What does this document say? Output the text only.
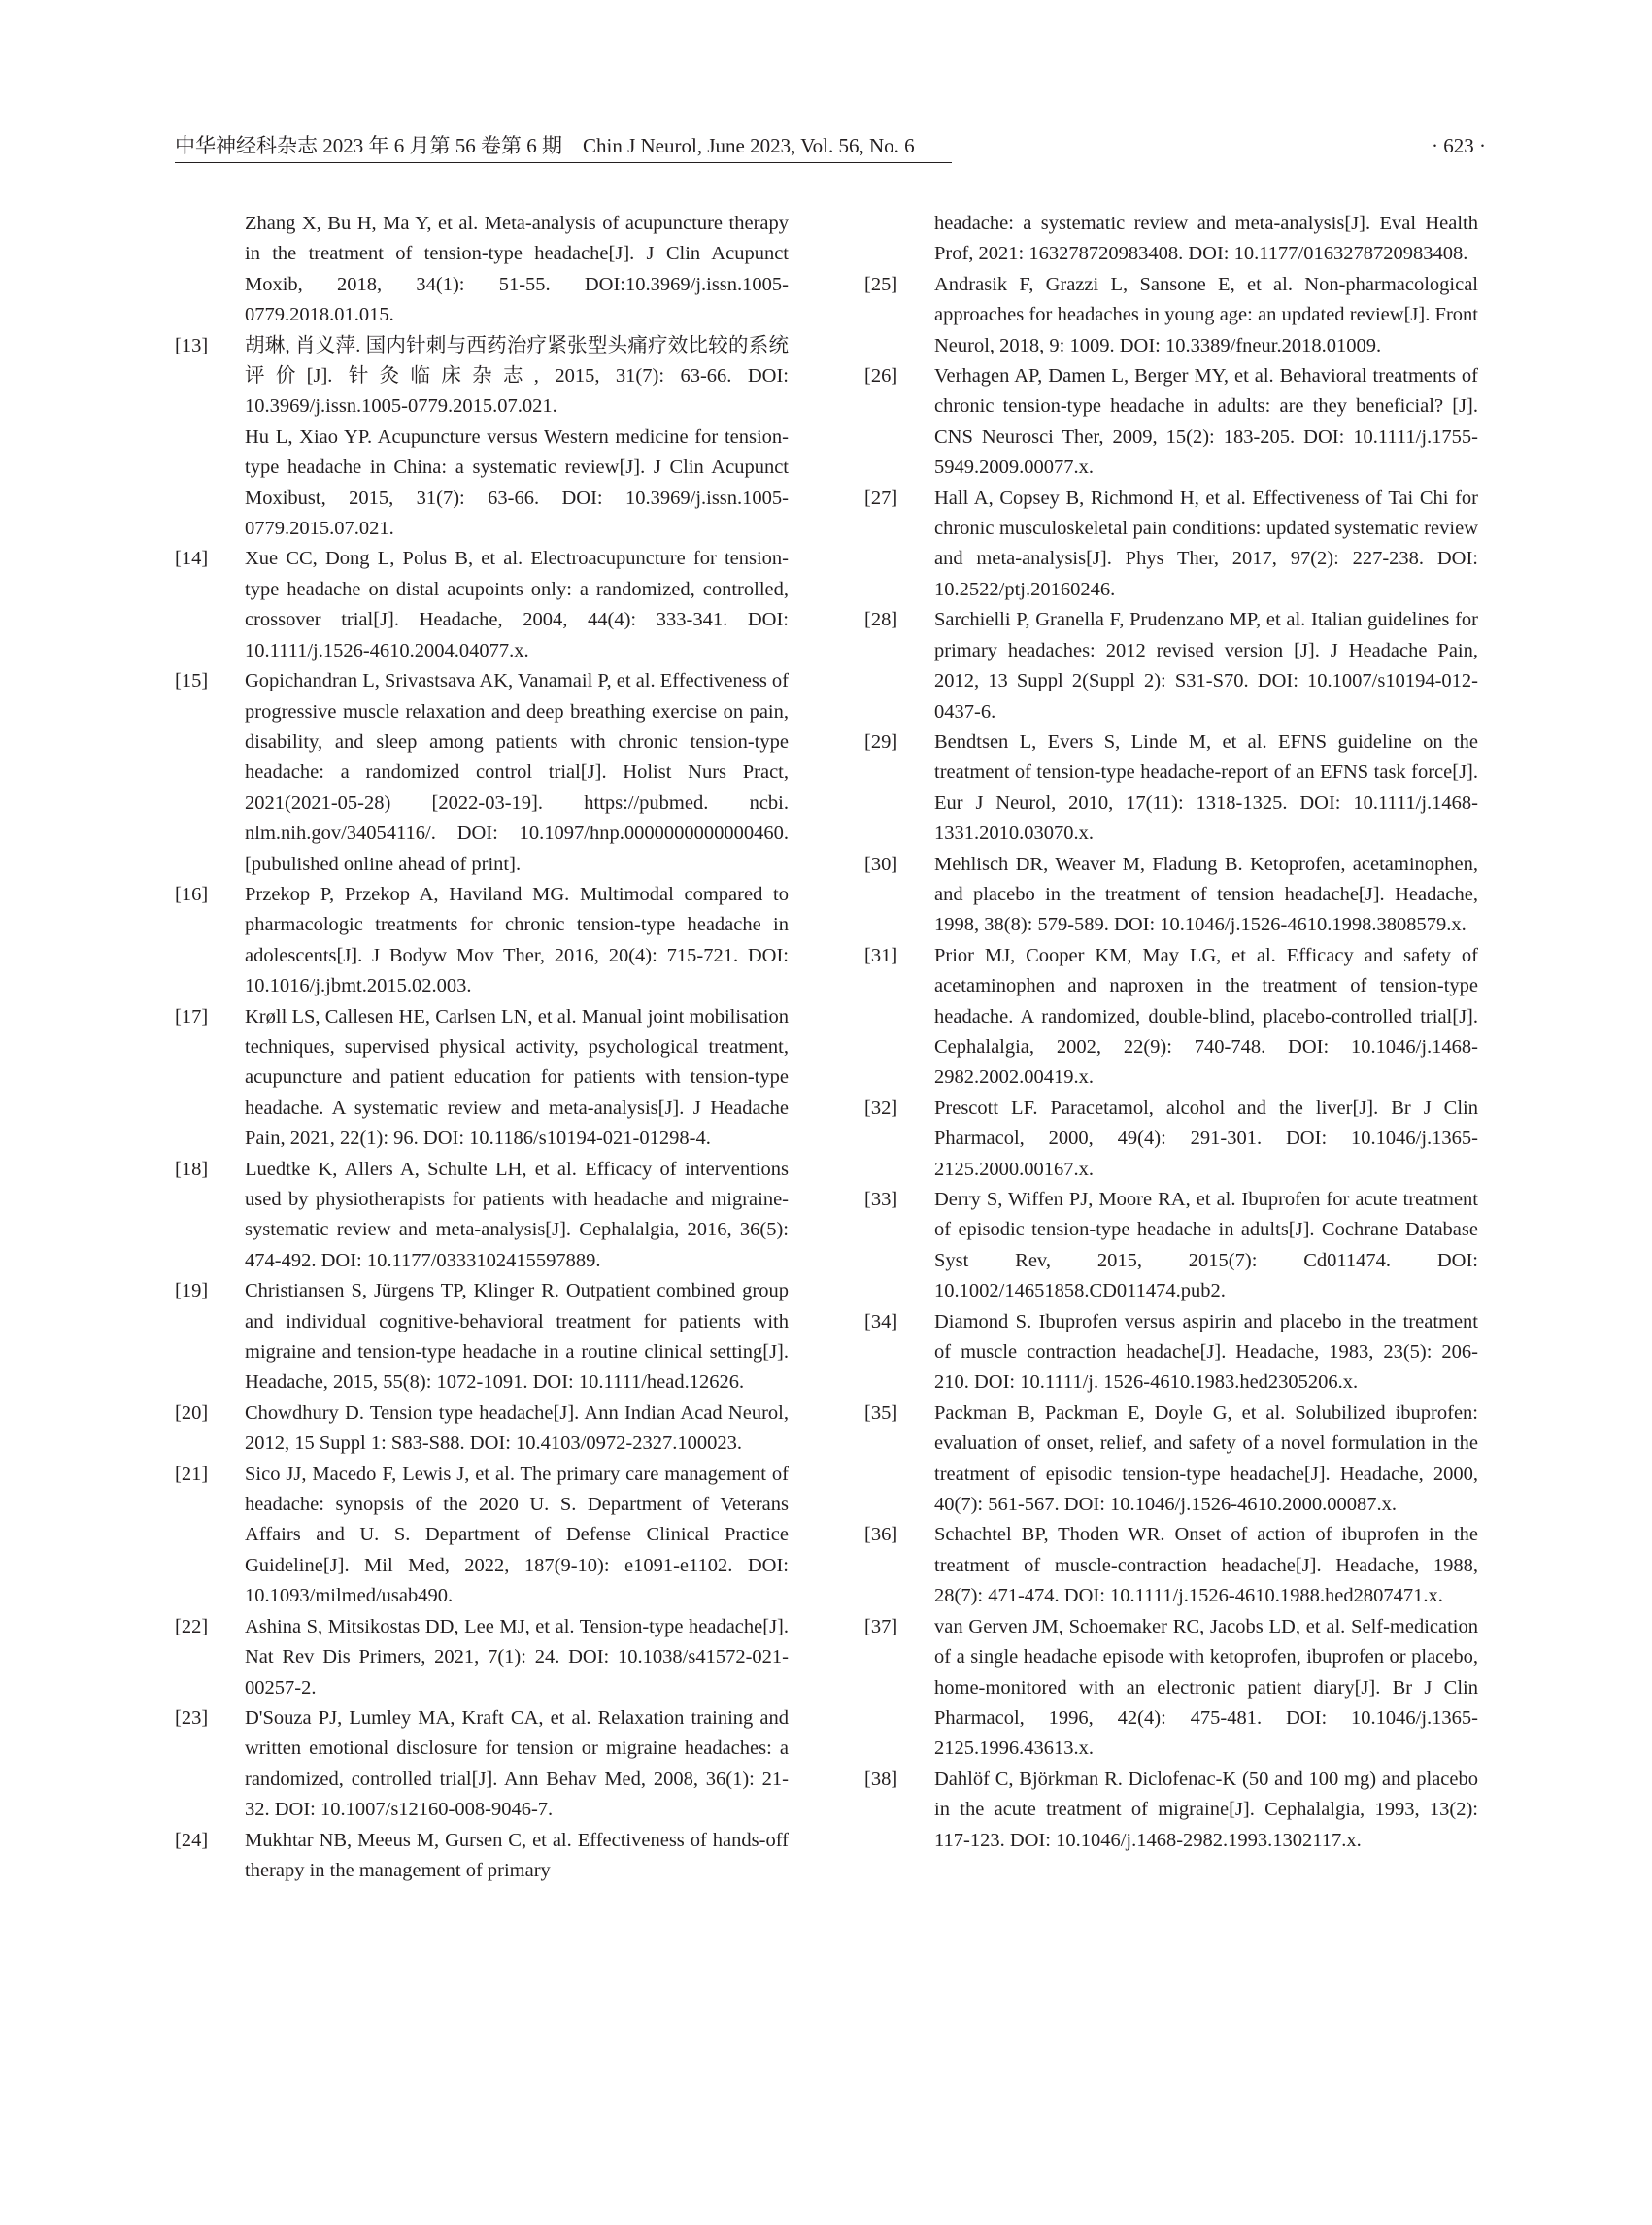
中华神经科杂志 2023 年 6 月第 56 卷第 6 期　Chin J Neurol, June 2023, Vol. 56, No. 6	· 623 ·
Zhang X, Bu H, Ma Y, et al. Meta-analysis of acupuncture therapy in the treatment of tension-type headache[J]. J Clin Acupunct Moxib, 2018, 34(1): 51-55. DOI:10.3969/j.issn.1005-0779.2018.01.015.
[13]	胡琳, 肖义萍. 国内针刺与西药治疗紧张型头痛疗效比较的系统评价[J]. 针灸临床杂志, 2015, 31(7): 63-66. DOI: 10.3969/j.issn.1005-0779.2015.07.021.
Hu L, Xiao YP. Acupuncture versus Western medicine for tension-type headache in China: a systematic review[J]. J Clin Acupunct Moxibust, 2015, 31(7): 63-66. DOI: 10.3969/j.issn.1005-0779.2015.07.021.
[14]	Xue CC, Dong L, Polus B, et al. Electroacupuncture for tension-type headache on distal acupoints only: a randomized, controlled, crossover trial[J]. Headache, 2004, 44(4): 333-341. DOI: 10.1111/j.1526-4610.2004.04077.x.
[15]	Gopichandran L, Srivastsava AK, Vanamail P, et al. Effectiveness of progressive muscle relaxation and deep breathing exercise on pain, disability, and sleep among patients with chronic tension-type headache: a randomized control trial[J]. Holist Nurs Pract, 2021(2021-05-28) [2022-03-19]. https://pubmed. ncbi. nlm.nih.gov/34054116/. DOI: 10.1097/hnp.0000000000000460. [pubulished online ahead of print].
[16]	Przekop P, Przekop A, Haviland MG. Multimodal compared to pharmacologic treatments for chronic tension-type headache in adolescents[J]. J Bodyw Mov Ther, 2016, 20(4): 715-721. DOI: 10.1016/j.jbmt.2015.02.003.
[17]	Krøll LS, Callesen HE, Carlsen LN, et al. Manual joint mobilisation techniques, supervised physical activity, psychological treatment, acupuncture and patient education for patients with tension-type headache. A systematic review and meta-analysis[J]. J Headache Pain, 2021, 22(1): 96. DOI: 10.1186/s10194-021-01298-4.
[18]	Luedtke K, Allers A, Schulte LH, et al. Efficacy of interventions used by physiotherapists for patients with headache and migraine-systematic review and meta-analysis[J]. Cephalalgia, 2016, 36(5): 474-492. DOI: 10.1177/0333102415597889.
[19]	Christiansen S, Jürgens TP, Klinger R. Outpatient combined group and individual cognitive-behavioral treatment for patients with migraine and tension-type headache in a routine clinical setting[J]. Headache, 2015, 55(8): 1072-1091. DOI: 10.1111/head.12626.
[20]	Chowdhury D. Tension type headache[J]. Ann Indian Acad Neurol, 2012, 15 Suppl 1: S83-S88. DOI: 10.4103/0972-2327.100023.
[21]	Sico JJ, Macedo F, Lewis J, et al. The primary care management of headache: synopsis of the 2020 U. S. Department of Veterans Affairs and U. S. Department of Defense Clinical Practice Guideline[J]. Mil Med, 2022, 187(9-10): e1091-e1102. DOI: 10.1093/milmed/usab490.
[22]	Ashina S, Mitsikostas DD, Lee MJ, et al. Tension-type headache[J]. Nat Rev Dis Primers, 2021, 7(1): 24. DOI: 10.1038/s41572-021-00257-2.
[23]	D'Souza PJ, Lumley MA, Kraft CA, et al. Relaxation training and written emotional disclosure for tension or migraine headaches: a randomized, controlled trial[J]. Ann Behav Med, 2008, 36(1): 21-32. DOI: 10.1007/s12160-008-9046-7.
[24]	Mukhtar NB, Meeus M, Gursen C, et al. Effectiveness of hands-off therapy in the management of primary
headache: a systematic review and meta-analysis[J]. Eval Health Prof, 2021: 163278720983408. DOI: 10.1177/0163278720983408.
[25]	Andrasik F, Grazzi L, Sansone E, et al. Non-pharmacological approaches for headaches in young age: an updated review[J]. Front Neurol, 2018, 9: 1009. DOI: 10.3389/fneur.2018.01009.
[26]	Verhagen AP, Damen L, Berger MY, et al. Behavioral treatments of chronic tension-type headache in adults: are they beneficial? [J]. CNS Neurosci Ther, 2009, 15(2): 183-205. DOI: 10.1111/j.1755-5949.2009.00077.x.
[27]	Hall A, Copsey B, Richmond H, et al. Effectiveness of Tai Chi for chronic musculoskeletal pain conditions: updated systematic review and meta-analysis[J]. Phys Ther, 2017, 97(2): 227-238. DOI: 10.2522/ptj.20160246.
[28]	Sarchielli P, Granella F, Prudenzano MP, et al. Italian guidelines for primary headaches: 2012 revised version [J]. J Headache Pain, 2012, 13 Suppl 2(Suppl 2): S31-S70. DOI: 10.1007/s10194-012-0437-6.
[29]	Bendtsen L, Evers S, Linde M, et al. EFNS guideline on the treatment of tension-type headache-report of an EFNS task force[J]. Eur J Neurol, 2010, 17(11): 1318-1325. DOI: 10.1111/j.1468-1331.2010.03070.x.
[30]	Mehlisch DR, Weaver M, Fladung B. Ketoprofen, acetaminophen, and placebo in the treatment of tension headache[J]. Headache, 1998, 38(8): 579-589. DOI: 10.1046/j.1526-4610.1998.3808579.x.
[31]	Prior MJ, Cooper KM, May LG, et al. Efficacy and safety of acetaminophen and naproxen in the treatment of tension-type headache. A randomized, double-blind, placebo-controlled trial[J]. Cephalalgia, 2002, 22(9): 740-748. DOI: 10.1046/j.1468-2982.2002.00419.x.
[32]	Prescott LF. Paracetamol, alcohol and the liver[J]. Br J Clin Pharmacol, 2000, 49(4): 291-301. DOI: 10.1046/j.1365-2125.2000.00167.x.
[33]	Derry S, Wiffen PJ, Moore RA, et al. Ibuprofen for acute treatment of episodic tension-type headache in adults[J]. Cochrane Database Syst Rev, 2015, 2015(7): Cd011474. DOI: 10.1002/14651858.CD011474.pub2.
[34]	Diamond S. Ibuprofen versus aspirin and placebo in the treatment of muscle contraction headache[J]. Headache, 1983, 23(5): 206-210. DOI: 10.1111/j. 1526-4610.1983.hed2305206.x.
[35]	Packman B, Packman E, Doyle G, et al. Solubilized ibuprofen: evaluation of onset, relief, and safety of a novel formulation in the treatment of episodic tension-type headache[J]. Headache, 2000, 40(7): 561-567. DOI: 10.1046/j.1526-4610.2000.00087.x.
[36]	Schachtel BP, Thoden WR. Onset of action of ibuprofen in the treatment of muscle-contraction headache[J]. Headache, 1988, 28(7): 471-474. DOI: 10.1111/j.1526-4610.1988.hed2807471.x.
[37]	van Gerven JM, Schoemaker RC, Jacobs LD, et al. Self-medication of a single headache episode with ketoprofen, ibuprofen or placebo, home-monitored with an electronic patient diary[J]. Br J Clin Pharmacol, 1996, 42(4): 475-481. DOI: 10.1046/j.1365-2125.1996.43613.x.
[38]	Dahlöf C, Björkman R. Diclofenac-K (50 and 100 mg) and placebo in the acute treatment of migraine[J]. Cephalalgia, 1993, 13(2): 117-123. DOI: 10.1046/j.1468-2982.1993.1302117.x.
